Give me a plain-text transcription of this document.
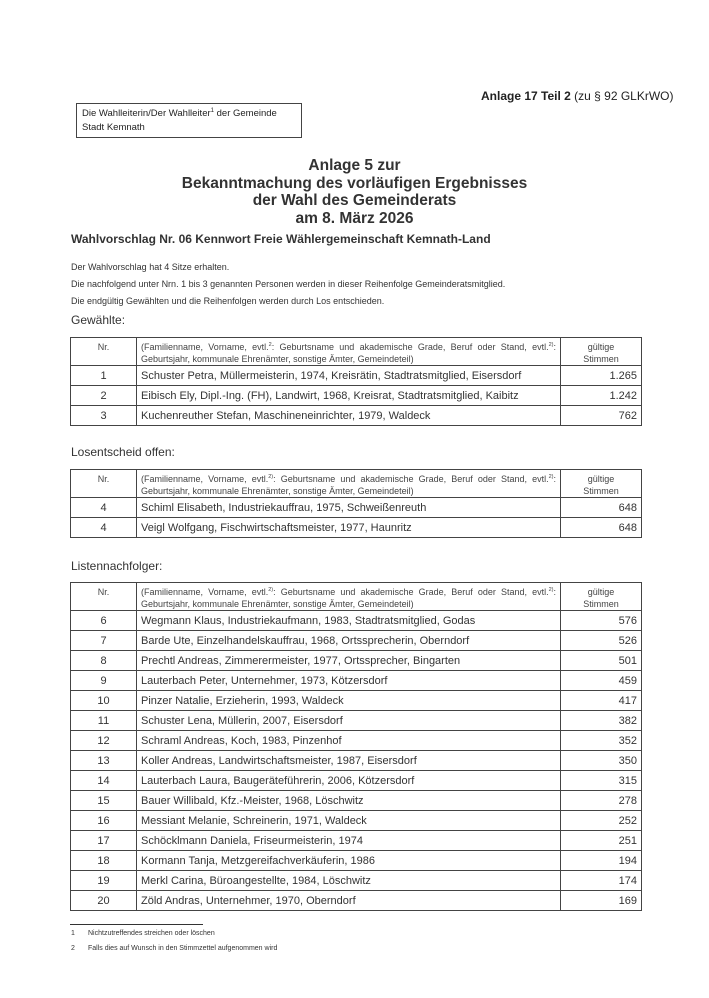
Anlage 17 Teil 2 (zu § 92 GLKrWO)
Die Wahlleiterin/Der Wahlleiter$^1$ der Gemeinde
Stadt Kemnath
Anlage 5 zur
Bekanntmachung des vorläufigen Ergebnisses
der Wahl des Gemeinderats
am 8. März 2026
Wahlvorschlag Nr. 06 Kennwort Freie Wählergemeinschaft Kemnath-Land
Der Wahlvorschlag hat 4 Sitze erhalten.
Die nachfolgend unter Nrn. 1 bis 3 genannten Personen werden in dieser Reihenfolge Gemeinderatsmitglied.
Die endgültig Gewählten und die Reihenfolgen werden durch Los entschieden.
Gewählte:
Nr.	(Familienname, Vorname, evtl.$^2$: Geburtsname und akademische Grade, Beruf oder Stand, evtl.$^{2)}$: Geburtsjahr, kommunale Ehrenämter, sonstige Ämter, Gemeindeteil)	gültige
Stimmen

1	Schuster Petra, Müllermeisterin, 1974, Kreisrätin, Stadtratsmitglied, Eisersdorf	1.265
2	Eibisch Ely, Dipl.-Ing. (FH), Landwirt, 1968, Kreisrat, Stadtratsmitglied, Kaibitz	1.242
3	Kuchenreuther Stefan, Maschineneinrichter, 1979, Waldeck	762
Losentscheid offen:
Nr.	(Familienname, Vorname, evtl.$^{2)}$: Geburtsname und akademische Grade, Beruf oder Stand, evtl.$^{2)}$: Geburtsjahr, kommunale Ehrenämter, sonstige Ämter, Gemeindeteil)	gültige
Stimmen

4	Schiml Elisabeth, Industriekauffrau, 1975, Schweißenreuth	648
4	Veigl Wolfgang, Fischwirtschaftsmeister, 1977, Haunritz	648
Listennachfolger:
Nr.	(Familienname, Vorname, evtl.$^{2)}$: Geburtsname und akademische Grade, Beruf oder Stand, evtl.$^{2)}$: Geburtsjahr, kommunale Ehrenämter, sonstige Ämter, Gemeindeteil)	gültige
Stimmen

6	Wegmann Klaus, Industriekaufmann, 1983, Stadtratsmitglied, Godas	576
7	Barde Ute, Einzelhandelskauffrau, 1968, Ortssprecherin, Oberndorf	526
8	Prechtl Andreas, Zimmerermeister, 1977, Ortssprecher, Bingarten	501
9	Lauterbach Peter, Unternehmer, 1973, Kötzersdorf	459
10	Pinzer Natalie, Erzieherin, 1993, Waldeck	417
11	Schuster Lena, Müllerin, 2007, Eisersdorf	382
12	Schraml Andreas, Koch, 1983, Pinzenhof	352
13	Koller Andreas, Landwirtschaftsmeister, 1987, Eisersdorf	350
14	Lauterbach Laura, Baugeräteführerin, 2006, Kötzersdorf	315
15	Bauer Willibald, Kfz.-Meister, 1968, Löschwitz	278
16	Messiant Melanie, Schreinerin, 1971, Waldeck	252
17	Schöcklmann Daniela, Friseurmeisterin, 1974	251
18	Kormann Tanja, Metzgereifachverkäuferin, 1986	194
19	Merkl Carina, Büroangestellte, 1984, Löschwitz	174
20	Zöld Andras, Unternehmer, 1970, Oberndorf	169
1 Nichtzutreffendes streichen oder löschen
2 Falls dies auf Wunsch in den Stimmzettel aufgenommen wird
